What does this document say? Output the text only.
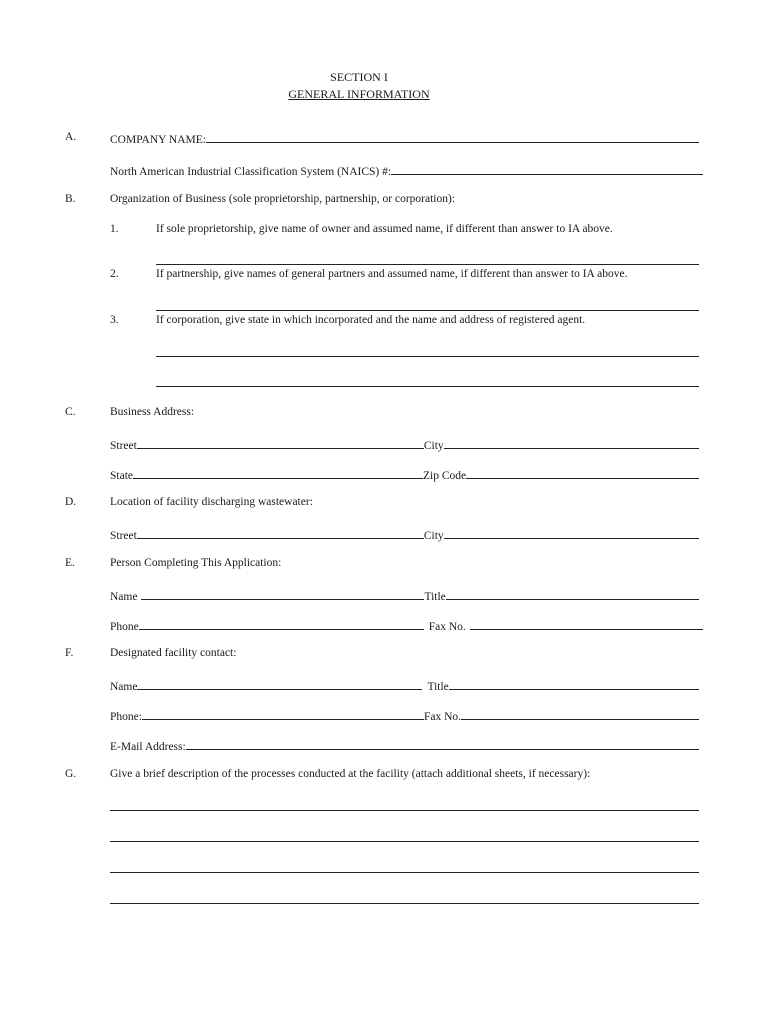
SECTION I
GENERAL INFORMATION
A.	COMPANY NAME:
North American Industrial Classification System (NAICS) #:
B.	Organization of Business (sole proprietorship, partnership, or corporation):
1.	If sole proprietorship, give name of owner and assumed name, if different than answer to IA above.
2.	If partnership, give names of general partners and assumed name, if different than answer to IA above.
3.	If corporation, give state in which incorporated and the name and address of registered agent.
C.	Business Address:
Street	City
State	Zip Code
D.	Location of facility discharging wastewater:
Street	City
E.	Person Completing This Application:
Name	Title
Phone	Fax No.
F.	Designated facility contact:
Name	Title
Phone:	Fax No.
E-Mail Address:
G.	Give a brief description of the processes conducted at the facility (attach additional sheets, if necessary):
